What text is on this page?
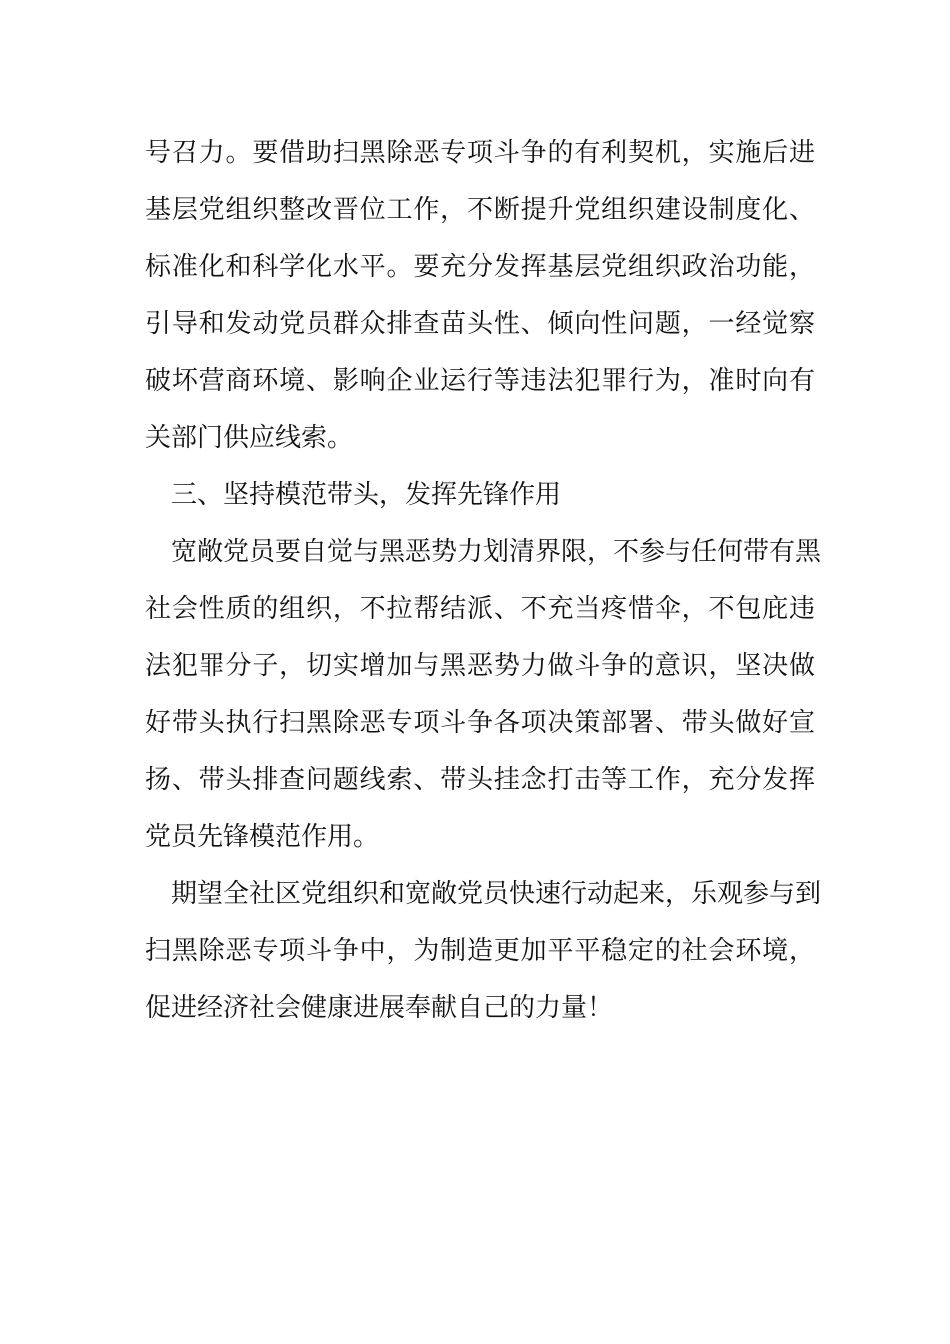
号召力。要借助扫黑除恶专项斗争的有利契机，实施后进
基层党组织整改晋位工作，不断提升党组织建设制度化、
标准化和科学化水平。要充分发挥基层党组织政治功能，
引导和发动党员群众排查苗头性、倾向性问题，一经觉察
破坏营商环境、影响企业运行等违法犯罪行为，准时向有
关部门供应线索。
三、坚持模范带头，发挥先锋作用
宽敞党员要自觉与黑恶势力划清界限，不参与任何带有黑
社会性质的组织，不拉帮结派、不充当疼惜伞，不包庇违
法犯罪分子，切实增加与黑恶势力做斗争的意识，坚决做
好带头执行扫黑除恶专项斗争各项决策部署、带头做好宣
扬、带头排查问题线索、带头挂念打击等工作，充分发挥
党员先锋模范作用。
期望全社区党组织和宽敞党员快速行动起来，乐观参与到
扫黑除恶专项斗争中，为制造更加平平稳定的社会环境，
促进经济社会健康进展奉献自己的力量！
